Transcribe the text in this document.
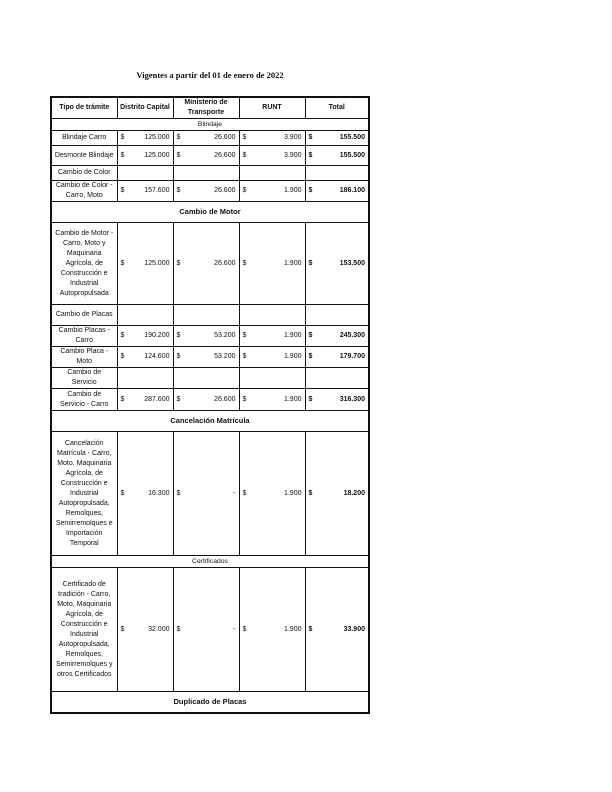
Vigentes a partir del 01 de enero de 2022
Tipo de trámite	Distrito Capital	Ministerio de Transporte	RUNT	Total
Blindaje				
Blindaje Carro	$ 125.000	$ 26.600	$ 3.900	$ 155.500

Desmonte Blindaje	$ 125.000	$ 26.600	$ 3.900	$ 155.500

Cambio de Color				
Cambio de Color - Carro, Moto	$ 157.600	$ 26.600	$ 1.900	$ 186.100

Cambio de Motor				
Cambio de Motor - Carro, Moto y Maquinaria Agrícola, de Construcción e Industrial Autopropulsada	$ 125.000	$ 26.600	$ 1.900	$ 153.500

Cambio de Placas				
Cambio Placas - Carro	$ 190.200	$ 53.200	$ 1.900	$ 245.300

Cambio Placa - Moto	$ 124.600	$ 53.200	$ 1.900	$ 179.700

Cambio de Servicio				
Cambio de Servicio - Carro	$ 287.600	$ 26.600	$ 1.900	$ 316.300

Cancelación Matrícula				
Cancelación Matrícula - Carro, Moto, Maquinaria Agrícola, de Construcción e Industrial Autopropulsada, Remolques, Semirremolques e Importación Temporal	$ 16.300	$ -	$ 1.900	$ 18.200

Certificados				
Certificado de tradición - Carro, Moto, Maquinaria Agrícola, de Construcción e Industrial Autopropulsada, Remolques, Semirremolques y otros Certificados	$ 32.000	$ -	$ 1.900	$ 33.900

Duplicado de Placas				
